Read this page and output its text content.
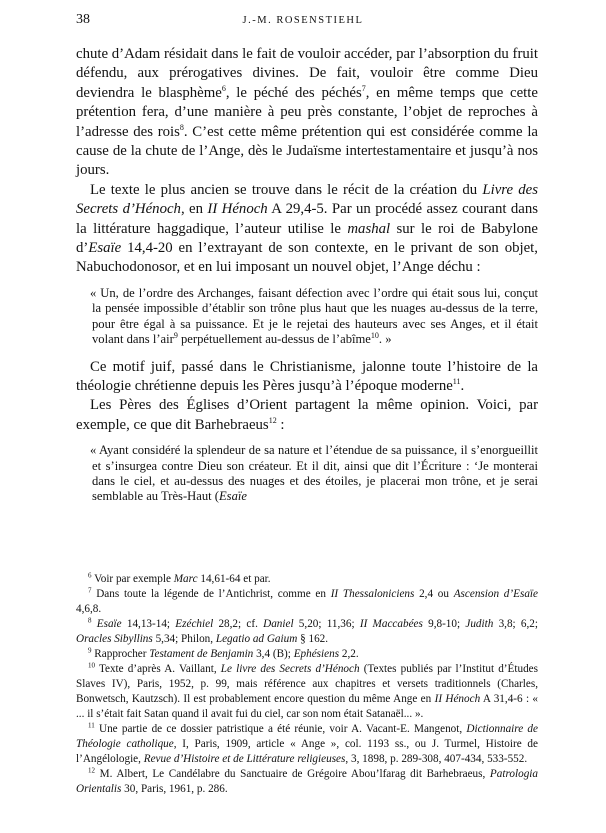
38	J.-M. ROSENSTIEHL

chute d’Adam résidait dans le fait de vouloir accéder, par l’absorption du fruit défendu, aux prérogatives divines. De fait, vouloir être comme Dieu deviendra le blasphème$^6$, le péché des péchés$^7$, en même temps que cette prétention fera, d’une manière à peu près constante, l’objet de reproches à l’adresse des rois$^8$. C’est cette même prétention qui est considérée comme la cause de la chute de l’Ange, dès le Judaïsme intertestamentaire et jusqu’à nos jours.

Le texte le plus ancien se trouve dans le récit de la création du Livre des Secrets d’Hénoch, en II Hénoch A 29,4-5. Par un procédé assez courant dans la littérature haggadique, l’auteur utilise le mashal sur le roi de Babylone d’Esaïe 14,4-20 en l’extrayant de son contexte, en le privant de son objet, Nabuchodonosor, et en lui imposant un nouvel objet, l’Ange déchu :

« Un, de l’ordre des Archanges, faisant défection avec l’ordre qui était sous lui, conçut la pensée impossible d’établir son trône plus haut que les nuages au-dessus de la terre, pour être égal à sa puissance. Et je le rejetai des hauteurs avec ses Anges, et il était volant dans l’air$^9$ perpétuellement au-dessus de l’abîme$^{10}$. »

Ce motif juif, passé dans le Christianisme, jalonne toute l’histoire de la théologie chrétienne depuis les Pères jusqu’à l’époque moderne$^{11}$.

Les Pères des Églises d’Orient partagent la même opinion. Voici, par exemple, ce que dit Barhebraeus$^{12}$ :

« Ayant considéré la splendeur de sa nature et l’étendue de sa puissance, il s’enorgueillit et s’insurgea contre Dieu son créateur. Et il dit, ainsi que dit l’Écriture : ‘Je monterai dans le ciel, et au-dessus des nuages et des étoiles, je placerai mon trône, et je serai semblable au Très-Haut (Esaïe

$^6$ Voir par exemple Marc 14,61-64 et par.

$^7$ Dans toute la légende de l’Antichrist, comme en II Thessaloniciens 2,4 ou Ascension d’Esaïe 4,6,8.

$^8$ Esaïe 14,13-14; Ezéchiel 28,2; cf. Daniel 5,20; 11,36; II Maccabées 9,8-10; Judith 3,8; 6,2; Oracles Sibyllins 5,34; Philon, Legatio ad Gaium § 162.

$^9$ Rapprocher Testament de Benjamin 3,4 (B); Ephésiens 2,2.

$^{10}$ Texte d’après A. Vaillant, Le livre des Secrets d’Hénoch (Textes publiés par l’Institut d’Études Slaves IV), Paris, 1952, p. 99, mais référence aux chapitres et versets traditionnels (Charles, Bonwetsch, Kautzsch). Il est probablement encore question du même Ange en II Hénoch A 31,4-6 : « ... il s’était fait Satan quand il avait fui du ciel, car son nom était Satanaël... ».

$^{11}$ Une partie de ce dossier patristique a été réunie, voir A. Vacant-E. Mangenot, Dictionnaire de Théologie catholique, I, Paris, 1909, article « Ange », col. 1193 ss., ou J. Turmel, Histoire de l’Angélologie, Revue d’Histoire et de Littérature religieuses, 3, 1898, p. 289-308, 407-434, 533-552.

$^{12}$ M. Albert, Le Candélabre du Sanctuaire de Grégoire Abou’lfarag dit Barhebraeus, Patrologia Orientalis 30, Paris, 1961, p. 286.
